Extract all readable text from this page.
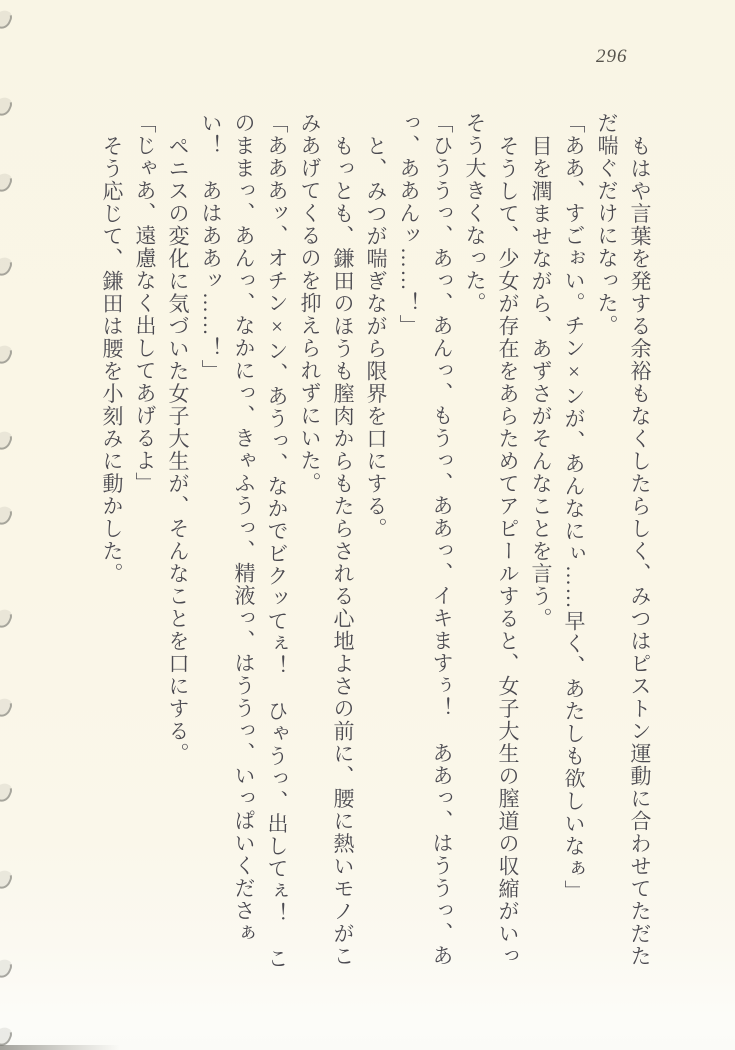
296

もはや言葉を発する余裕もなくしたらしく、みつはピストン運動に合わせてただた

だ喘ぐだけになった。

「ああ、すごぉい。チン×ンが、あんなにぃ……早く、あたしも欲しいなぁ」

目を潤ませながら、あずさがそんなことを言う。

そうして、少女が存在をあらためてアピールすると、女子大生の膣道の収縮がいっ

そう大きくなった。

「ひううっ、あっ、あんっ、もうっ、ああっ、イキますぅ！　ああっ、はううっ、あ

っ、ああんッ……！」

と、みつが喘ぎながら限界を口にする。

もっとも、鎌田のほうも膣肉からもたらされる心地よさの前に、腰に熱いモノがこ

みあげてくるのを抑えられずにいた。

「あああッ、オチン×ン、あうっ、なかでビクッてぇ！　ひゃうっ、出してぇ！　こ

のままっ、あんっ、なかにっ、きゃふうっ、精液っ、はううっ、いっぱいくださぁ

い！　あはああッ……！」

ペニスの変化に気づいた女子大生が、そんなことを口にする。

「じゃあ、遠慮なく出してあげるよ」

そう応じて、鎌田は腰を小刻みに動かした。
